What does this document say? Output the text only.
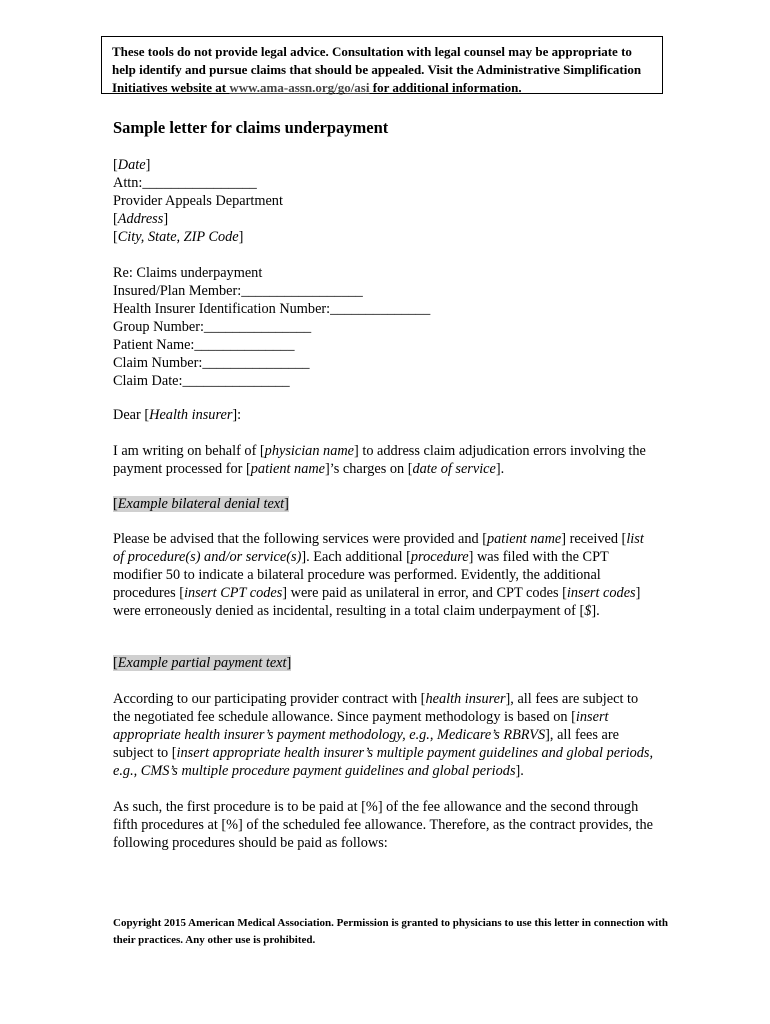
These tools do not provide legal advice. Consultation with legal counsel may be appropriate to help identify and pursue claims that should be appealed. Visit the Administrative Simplification Initiatives website at www.ama-assn.org/go/asi for additional information.
Sample letter for claims underpayment

[Date]

Attn:________________

Provider Appeals Department

[Address]

[City, State, ZIP Code]

Re: Claims underpayment

Insured/Plan Member:_________________

Health Insurer Identification Number:______________

Group Number:_______________

Patient Name:______________

Claim Number:_______________

Claim Date:_______________

Dear [Health insurer]:
I am writing on behalf of [physician name] to address claim adjudication errors involving the payment processed for [patient name]’s charges on [date of service].
[Example bilateral denial text]
Please be advised that the following services were provided and [patient name] received [list of procedure(s) and/or service(s)]. Each additional [procedure] was filed with the CPT modifier 50 to indicate a bilateral procedure was performed. Evidently, the additional procedures [insert CPT codes] were paid as unilateral in error, and CPT codes [insert codes] were erroneously denied as incidental, resulting in a total claim underpayment of [$].
[Example partial payment text]
According to our participating provider contract with [health insurer], all fees are subject to the negotiated fee schedule allowance. Since payment methodology is based on [insert appropriate health insurer’s payment methodology, e.g., Medicare’s RBRVS], all fees are subject to [insert appropriate health insurer’s multiple payment guidelines and global periods, e.g., CMS’s multiple procedure payment guidelines and global periods].
As such, the first procedure is to be paid at [%] of the fee allowance and the second through fifth procedures at [%] of the scheduled fee allowance. Therefore, as the contract provides, the following procedures should be paid as follows:
Copyright 2015 American Medical Association. Permission is granted to physicians to use this letter in connection with their practices. Any other use is prohibited.
